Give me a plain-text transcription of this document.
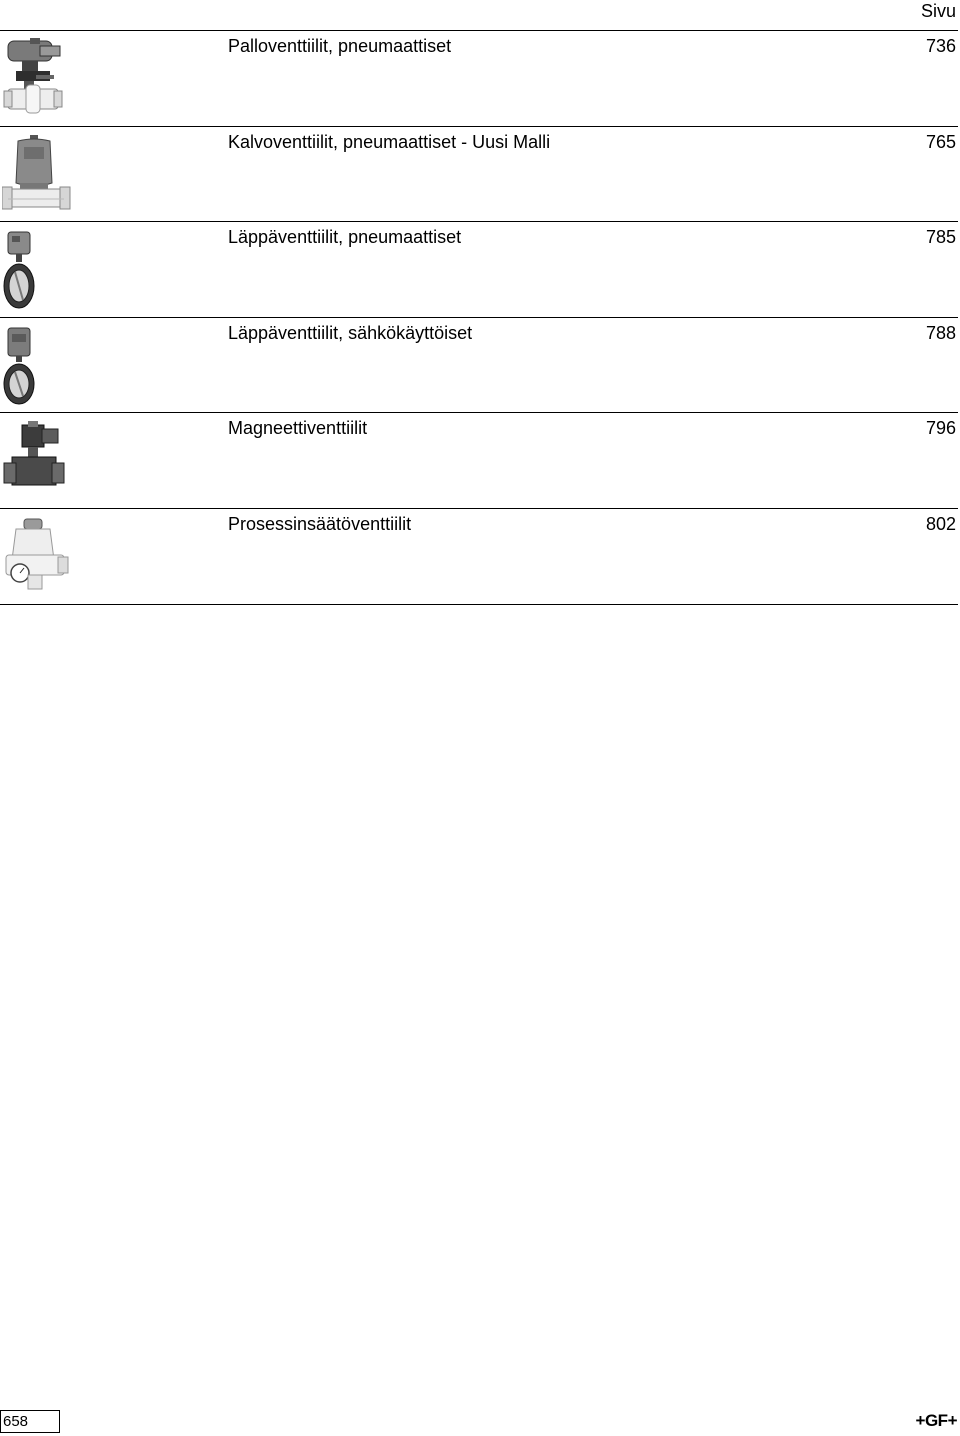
Sivu
Palloventtiilit, pneumaattiset	736
Kalvoventtiilit, pneumaattiset - Uusi Malli	765
Läppäventtiilit, pneumaattiset	785
Läppäventtiilit, sähkökäyttöiset	788
Magneettiventtiilit	796
Prosessinsäätöventtiilit	802
658	+GF+
